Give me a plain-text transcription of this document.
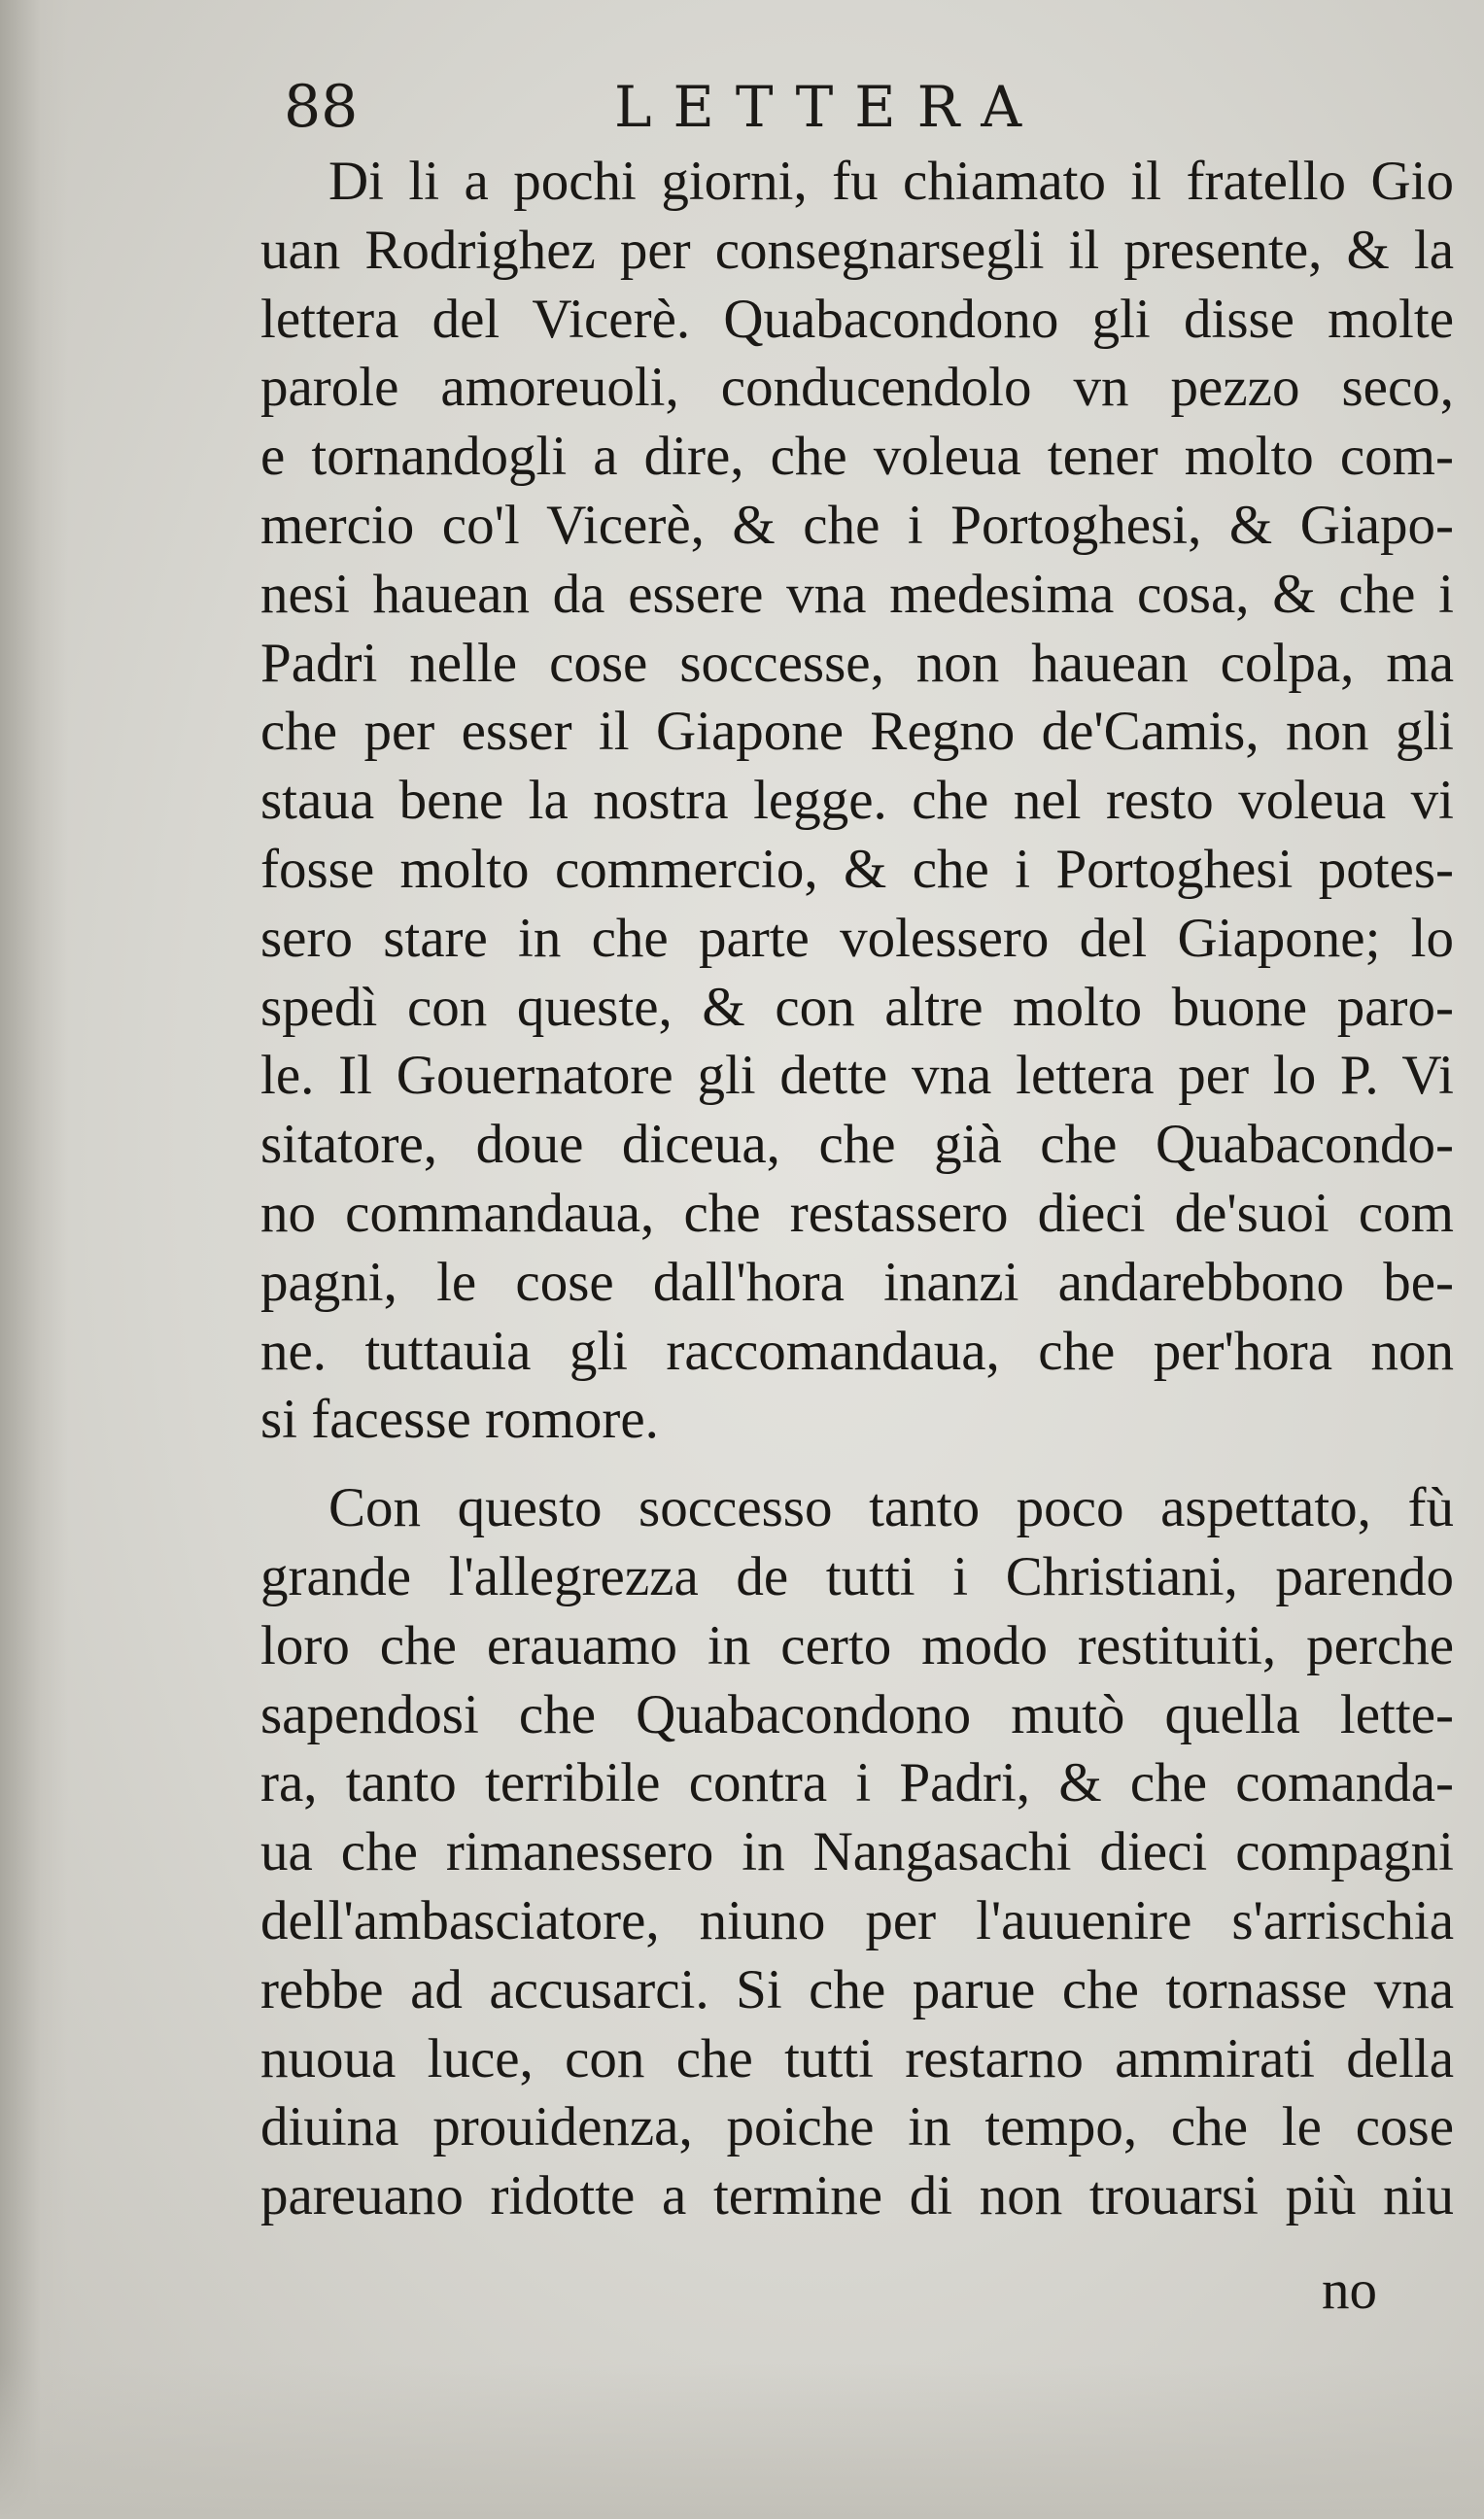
88	LETTERA
Di li a pochi giorni, fu chiamato il fratello Gio
uan Rodrighez per consegnarsegli il presente, & la
lettera del Vicerè. Quabacondono gli disse molte
parole amoreuoli, conducendolo vn pezzo seco,
e tornandogli a dire, che voleua tener molto com-
mercio co'l Vicerè, & che i Portoghesi, & Giapo-
nesi hauean da essere vna medesima cosa, & che i
Padri nelle cose soccesse, non hauean colpa, ma
che per esser il Giapone Regno de'Camis, non gli
staua bene la nostra legge. che nel resto voleua vi
fosse molto commercio, & che i Portoghesi potes-
sero stare in che parte volessero del Giapone; lo
spedì con queste, & con altre molto buone paro-
le. Il Gouernatore gli dette vna lettera per lo P. Vi
sitatore, doue diceua, che già che Quabacondo-
no commandaua, che restassero dieci de'suoi com
pagni, le cose dall'hora inanzi andarebbono be-
ne. tuttauia gli raccomandaua, che per'hora non
si facesse romore.
Con questo soccesso tanto poco aspettato, fù
grande l'allegrezza de tutti i Christiani, parendo
loro che erauamo in certo modo restituiti, perche
sapendosi che Quabacondono mutò quella lette-
ra, tanto terribile contra i Padri, & che comanda-
ua che rimanessero in Nangasachi dieci compagni
dell'ambasciatore, niuno per l'auuenire s'arrischia
rebbe ad accusarci. Si che parue che tornasse vna
nuoua luce, con che tutti restarno ammirati della
diuina prouidenza, poiche in tempo, che le cose
pareuano ridotte a termine di non trouarsi più niu
no
